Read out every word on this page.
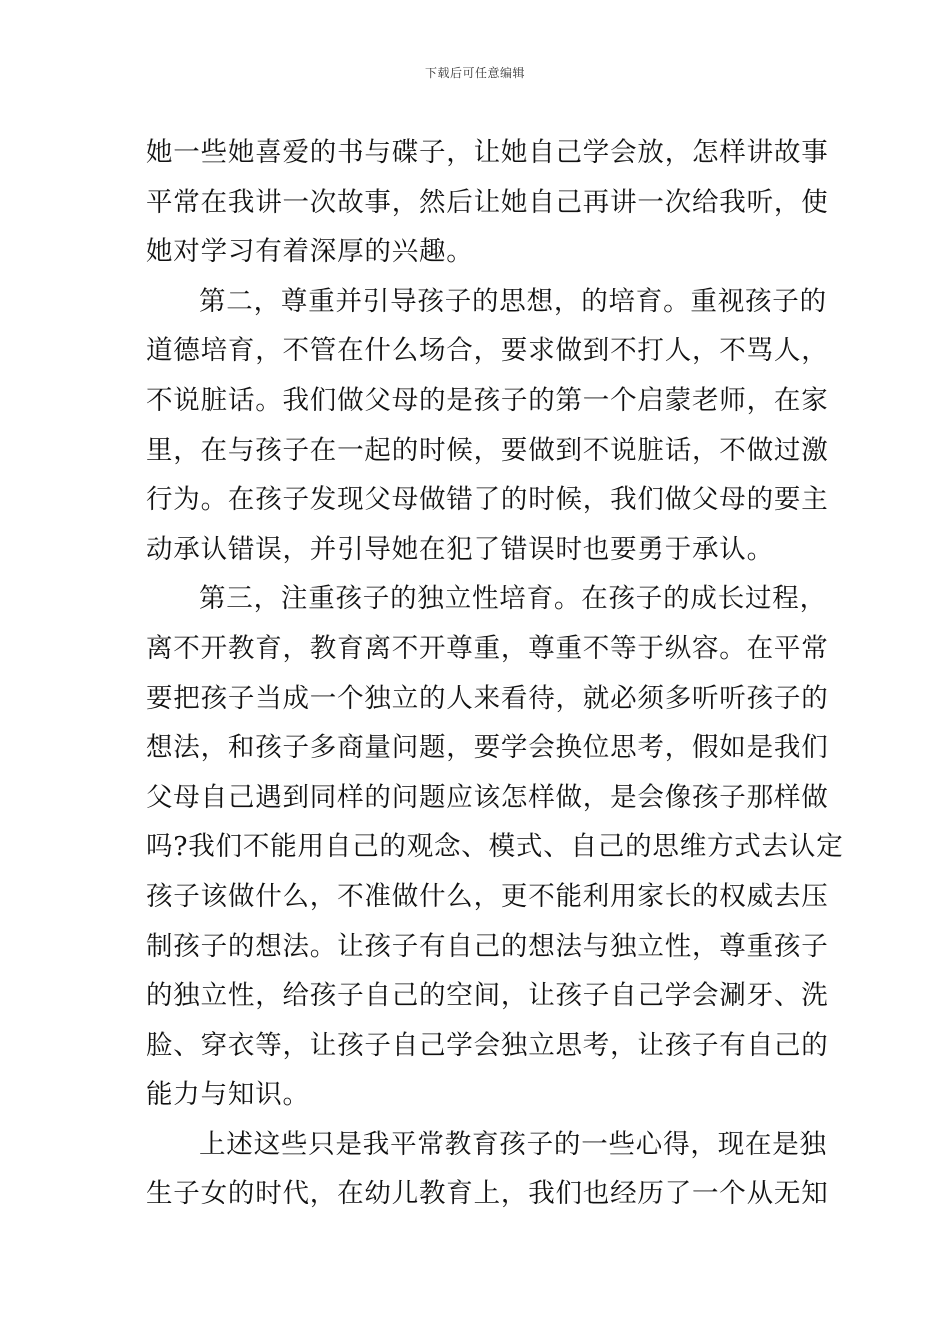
下载后可任意编辑
她一些她喜爱的书与碟子，让她自己学会放，怎样讲故事
平常在我讲一次故事，然后让她自己再讲一次给我听，使
她对学习有着深厚的兴趣。
第二，尊重并引导孩子的思想，的培育。重视孩子的
道德培育，不管在什么场合，要求做到不打人，不骂人，
不说脏话。我们做父母的是孩子的第一个启蒙老师，在家
里，在与孩子在一起的时候，要做到不说脏话，不做过激
行为。在孩子发现父母做错了的时候，我们做父母的要主
动承认错误，并引导她在犯了错误时也要勇于承认。
第三，注重孩子的独立性培育。在孩子的成长过程，
离不开教育，教育离不开尊重，尊重不等于纵容。在平常
要把孩子当成一个独立的人来看待，就必须多听听孩子的
想法，和孩子多商量问题，要学会换位思考，假如是我们
父母自己遇到同样的问题应该怎样做，是会像孩子那样做
吗?我们不能用自己的观念、模式、自己的思维方式去认定
孩子该做什么，不准做什么，更不能利用家长的权威去压
制孩子的想法。让孩子有自己的想法与独立性，尊重孩子
的独立性，给孩子自己的空间，让孩子自己学会涮牙、洗
脸、穿衣等，让孩子自己学会独立思考，让孩子有自己的
能力与知识。
上述这些只是我平常教育孩子的一些心得，现在是独
生子女的时代，在幼儿教育上，我们也经历了一个从无知
